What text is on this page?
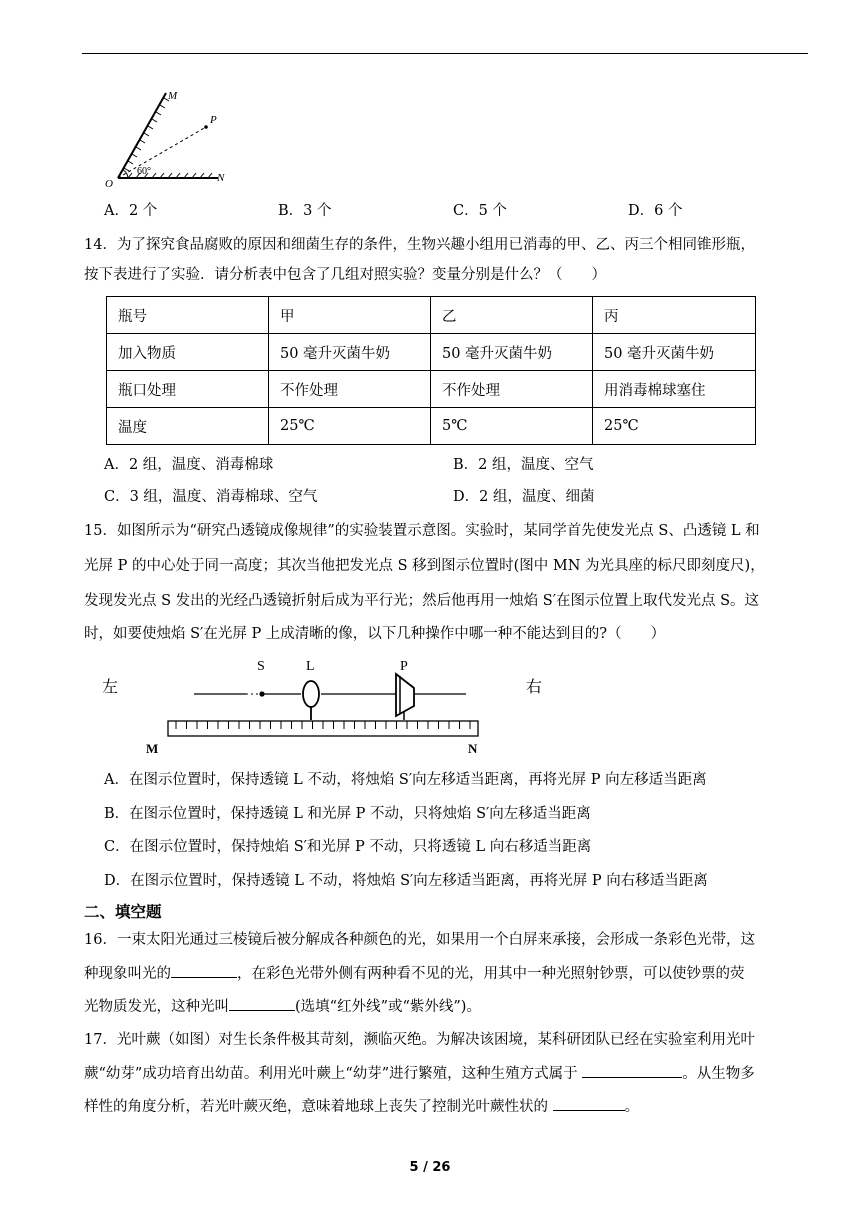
M
P
O	N
60°
A．2 个	B．3 个	C．5 个	D．6 个
14．为了探究食品腐败的原因和细菌生存的条件，生物兴趣小组用已消毒的甲、乙、丙三个相同锥形瓶，
按下表进行了实验．请分析表中包含了几组对照实验？变量分别是什么？（　　）
瓶号	甲	乙	丙
加入物质	50 毫升灭菌牛奶	50 毫升灭菌牛奶	50 毫升灭菌牛奶
瓶口处理	不作处理	不作处理	用消毒棉球塞住
温度	25℃	5℃	25℃
A．2 组，温度、消毒棉球	B．2 组，温度、空气
C．3 组，温度、消毒棉球、空气	D．2 组，温度、细菌
15．如图所示为“研究凸透镜成像规律”的实验装置示意图。实验时，某同学首先使发光点 S、凸透镜 L 和
光屏 P 的中心处于同一高度；其次当他把发光点 S 移到图示位置时(图中 MN 为光具座的标尺即刻度尺)，
发现发光点 S 发出的光经凸透镜折射后成为平行光；然后他再用一烛焰 S′在图示位置上取代发光点 S。这
时，如要使烛焰 S′在光屏 P 上成清晰的像，以下几种操作中哪一种不能达到目的?（　　）
左	右
S	L	P
M	N
A．在图示位置时，保持透镜 L 不动，将烛焰 S′向左移适当距离，再将光屏 P 向左移适当距离
B．在图示位置时，保持透镜 L 和光屏 P 不动，只将烛焰 S′向左移适当距离
C．在图示位置时，保持烛焰 S′和光屏 P 不动，只将透镜 L 向右移适当距离
D．在图示位置时，保持透镜 L 不动，将烛焰 S′向左移适当距离，再将光屏 P 向右移适当距离
二、填空题
16．一束太阳光通过三棱镜后被分解成各种颜色的光，如果用一个白屏来承接，会形成一条彩色光带，这
种现象叫光的	，在彩色光带外侧有两种看不见的光，用其中一种光照射钞票，可以使钞票的荧
光物质发光，这种光叫	(选填“红外线”或“紫外线”)。
17．光叶蕨（如图）对生长条件极其苛刻，濒临灭绝。为解决该困境，某科研团队已经在实验室利用光叶
蕨“幼芽”成功培育出幼苗。利用光叶蕨上“幼芽”进行繁殖，这种生殖方式属于	。从生物多
样性的角度分析，若光叶蕨灭绝，意味着地球上丧失了控制光叶蕨性状的	。
5 / 26
